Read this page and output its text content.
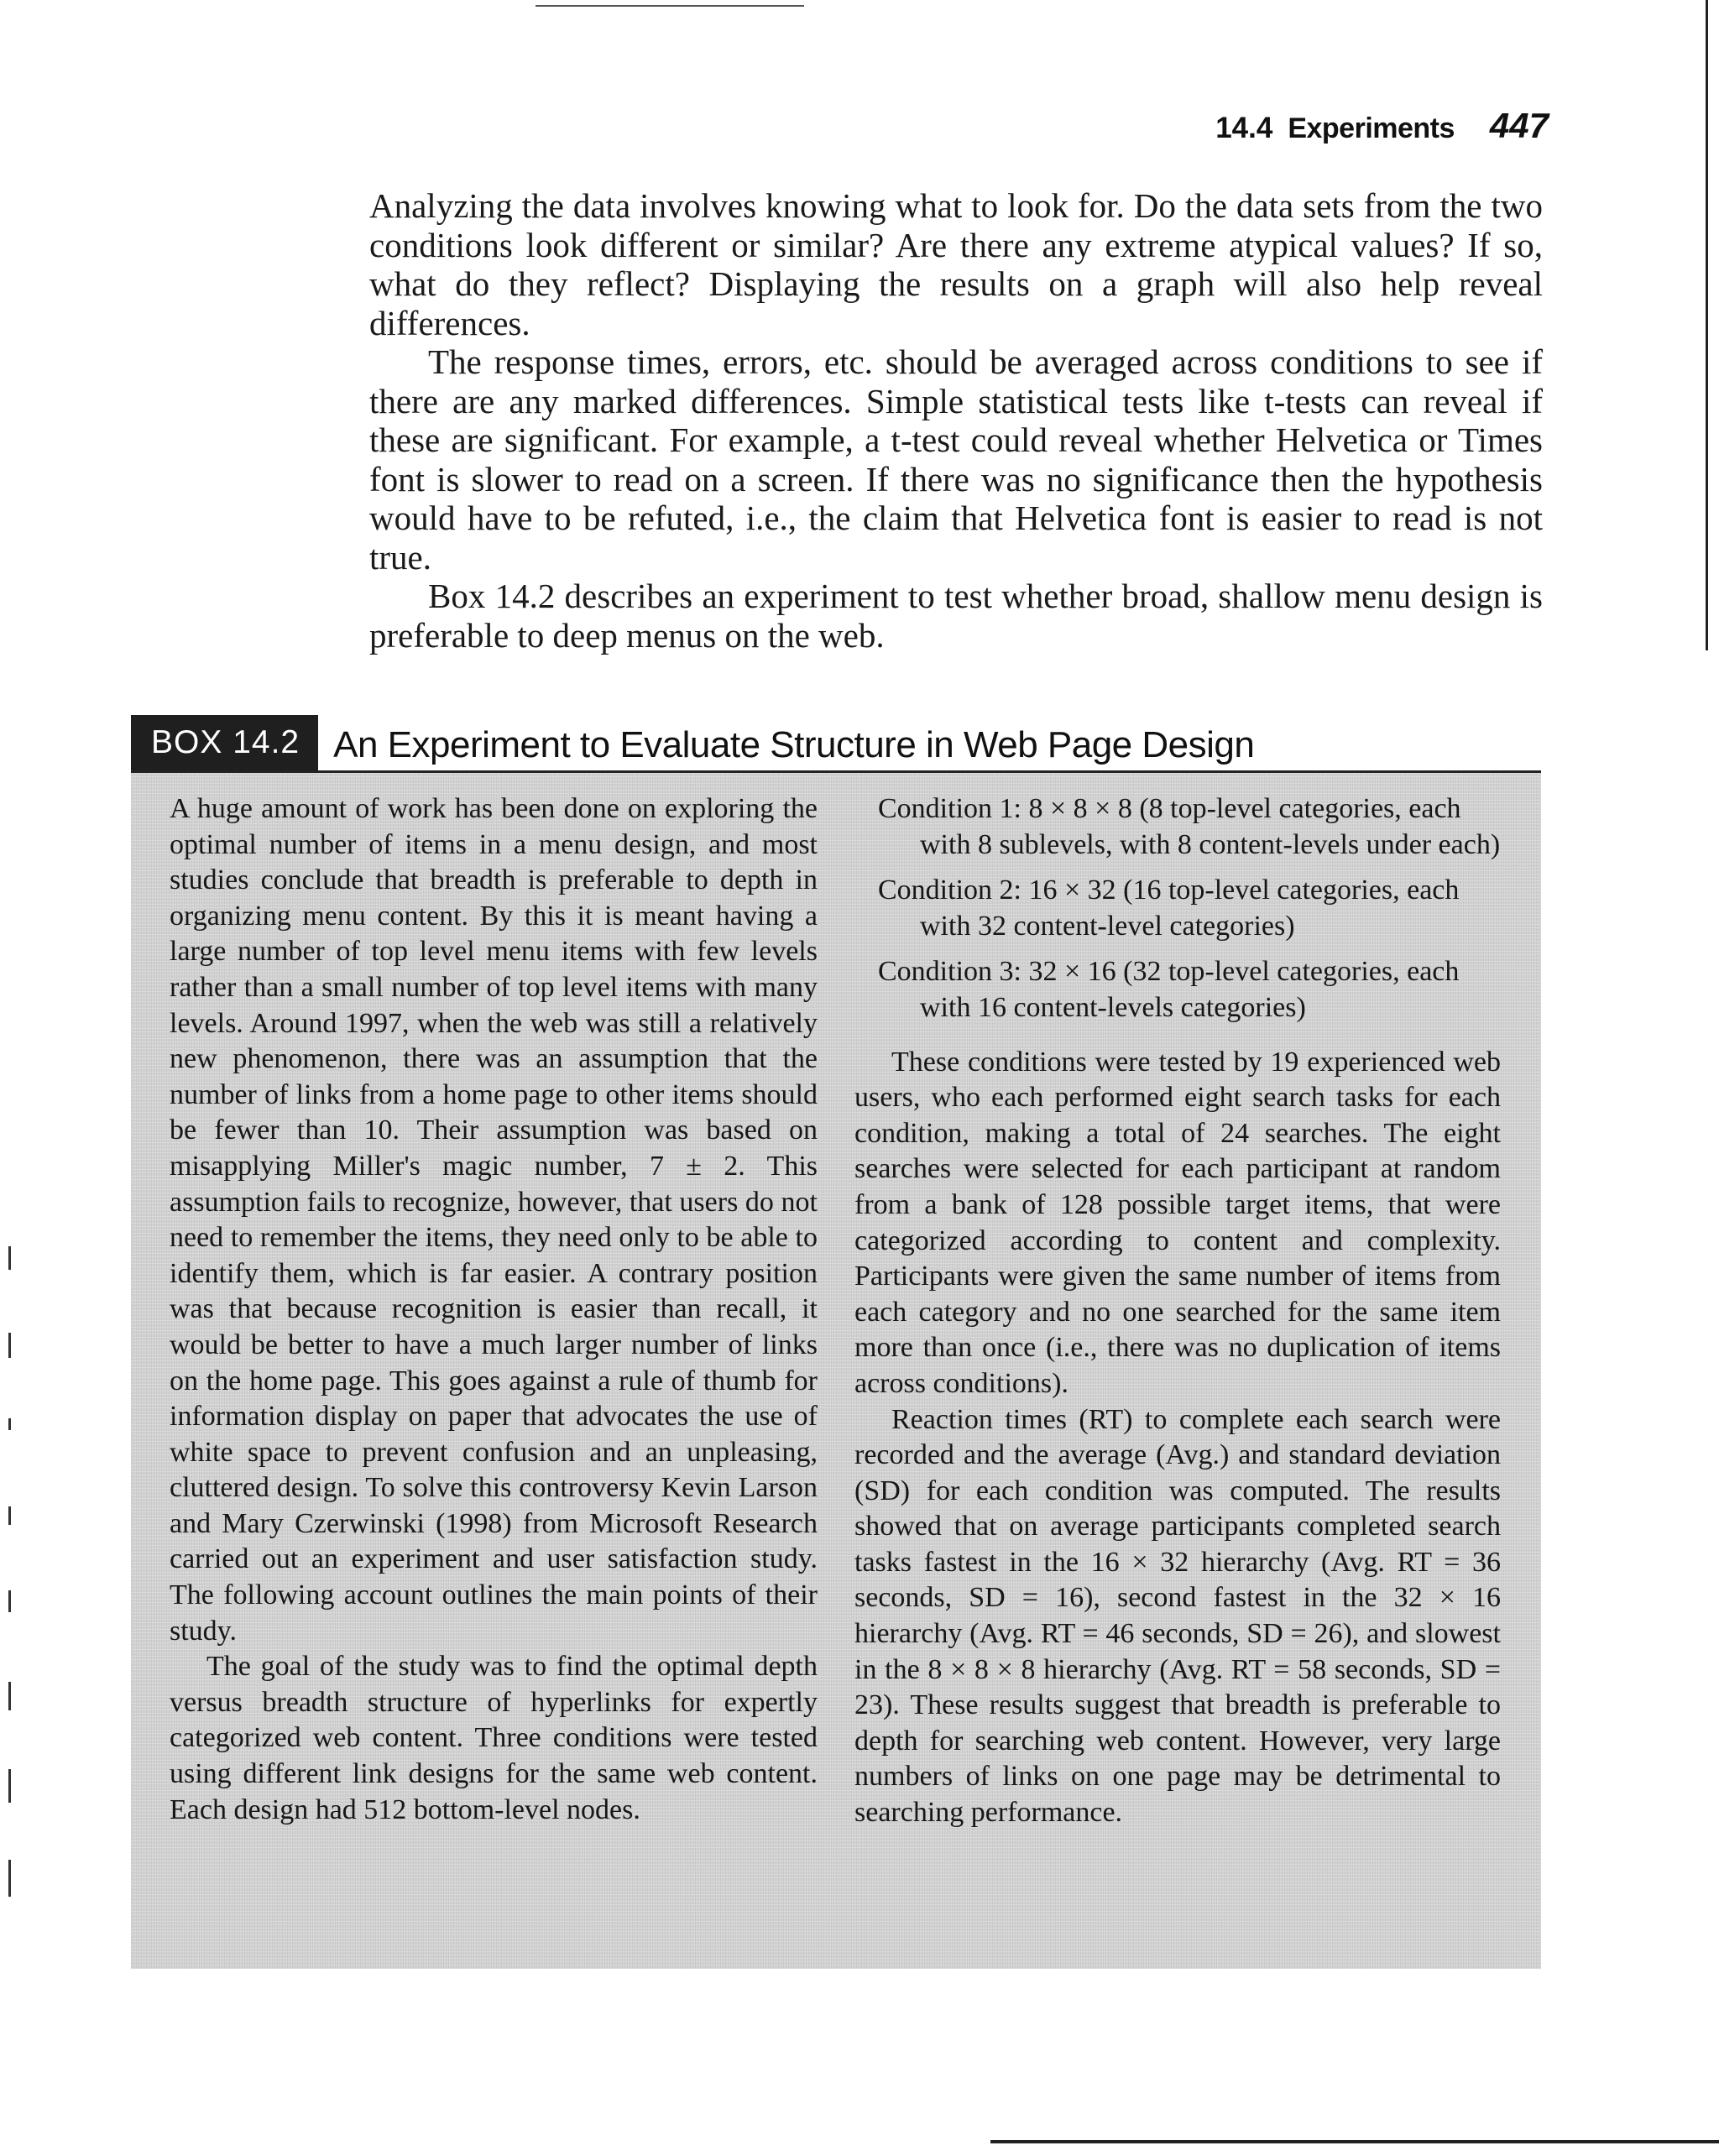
14.4 Experiments 447

Analyzing the data involves knowing what to look for. Do the data sets from the two conditions look different or similar? Are there any extreme atypical values? If so, what do they reflect? Displaying the results on a graph will also help reveal differences.

The response times, errors, etc. should be averaged across conditions to see if there are any marked differences. Simple statistical tests like t-tests can reveal if these are significant. For example, a t-test could reveal whether Helvetica or Times font is slower to read on a screen. If there was no significance then the hypothesis would have to be refuted, i.e., the claim that Helvetica font is easier to read is not true.

Box 14.2 describes an experiment to test whether broad, shallow menu design is preferable to deep menus on the web.

BOX 14.2 An Experiment to Evaluate Structure in Web Page Design

A huge amount of work has been done on exploring the optimal number of items in a menu design, and most studies conclude that breadth is preferable to depth in organizing menu content. By this it is meant having a large number of top level menu items with few levels rather than a small number of top level items with many levels. Around 1997, when the web was still a relatively new phenomenon, there was an assumption that the number of links from a home page to other items should be fewer than 10. Their assumption was based on misapplying Miller's magic number, 7 ± 2. This assumption fails to recognize, however, that users do not need to remember the items, they need only to be able to identify them, which is far easier. A contrary position was that because recognition is easier than recall, it would be better to have a much larger number of links on the home page. This goes against a rule of thumb for information display on paper that advocates the use of white space to prevent confusion and an unpleasing, cluttered design. To solve this controversy Kevin Larson and Mary Czerwinski (1998) from Microsoft Research carried out an experiment and user satisfaction study. The following account outlines the main points of their study.

The goal of the study was to find the optimal depth versus breadth structure of hyperlinks for expertly categorized web content. Three conditions were tested using different link designs for the same web content. Each design had 512 bottom-level nodes.

Condition 1: 8 × 8 × 8 (8 top-level categories, each with 8 sublevels, with 8 content-levels under each)

Condition 2: 16 × 32 (16 top-level categories, each with 32 content-level categories)

Condition 3: 32 × 16 (32 top-level categories, each with 16 content-levels categories)

These conditions were tested by 19 experienced web users, who each performed eight search tasks for each condition, making a total of 24 searches. The eight searches were selected for each participant at random from a bank of 128 possible target items, that were categorized according to content and complexity. Participants were given the same number of items from each category and no one searched for the same item more than once (i.e., there was no duplication of items across conditions).

Reaction times (RT) to complete each search were recorded and the average (Avg.) and standard deviation (SD) for each condition was computed. The results showed that on average participants completed search tasks fastest in the 16 × 32 hierarchy (Avg. RT = 36 seconds, SD = 16), second fastest in the 32 × 16 hierarchy (Avg. RT = 46 seconds, SD = 26), and slowest in the 8 × 8 × 8 hierarchy (Avg. RT = 58 seconds, SD = 23). These results suggest that breadth is preferable to depth for searching web content. However, very large numbers of links on one page may be detrimental to searching performance.
